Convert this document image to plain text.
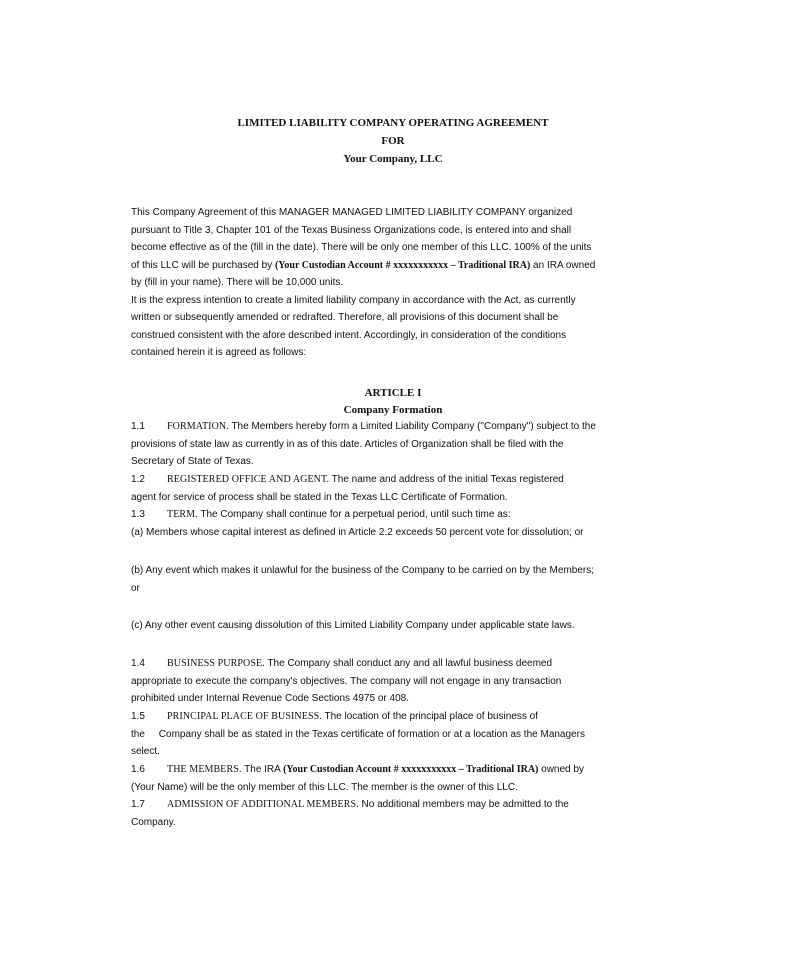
LIMITED LIABILITY COMPANY OPERATING AGREEMENT
FOR
Your Company, LLC
This Company Agreement of this MANAGER MANAGED LIMITED LIABILITY COMPANY organized
pursuant to Title 3, Chapter 101 of the Texas Business Organizations code, is entered into and shall
become effective as of the (fill in the date). There will be only one member of this LLC. 100% of the units
of this LLC will be purchased by (Your Custodian Account # xxxxxxxxxxx – Traditional IRA) an IRA owned
by (fill in your name). There will be 10,000 units.
It is the express intention to create a limited liability company in accordance with the Act, as currently
written or subsequently amended or redrafted. Therefore, all provisions of this document shall be
construed consistent with the afore described intent. Accordingly, in consideration of the conditions
contained herein it is agreed as follows:
ARTICLE I
Company Formation
1.1 FORMATION. The Members hereby form a Limited Liability Company ("Company") subject to the
provisions of state law as currently in as of this date. Articles of Organization shall be filed with the
Secretary of State of Texas.
1.2 REGISTERED OFFICE AND AGENT. The name and address of the initial Texas registered
agent for service of process shall be stated in the Texas LLC Certificate of Formation.
1.3 TERM. The Company shall continue for a perpetual period, until such time as:
(a) Members whose capital interest as defined in Article 2.2 exceeds 50 percent vote for dissolution; or
(b) Any event which makes it unlawful for the business of the Company to be carried on by the Members;
or
(c) Any other event causing dissolution of this Limited Liability Company under applicable state laws.
1.4 BUSINESS PURPOSE. The Company shall conduct any and all lawful business deemed
appropriate to execute the company's objectives. The company will not engage in any transaction
prohibited under Internal Revenue Code Sections 4975 or 408.
1.5 PRINCIPAL PLACE OF BUSINESS. The location of the principal place of business of
the     Company shall be as stated in the Texas certificate of formation or at a location as the Managers
select.
1.6 THE MEMBERS. The IRA (Your Custodian Account # xxxxxxxxxxx – Traditional IRA) owned by
(Your Name) will be the only member of this LLC. The member is the owner of this LLC.
1.7 ADMISSION OF ADDITIONAL MEMBERS. No additional members may be admitted to the
Company.
